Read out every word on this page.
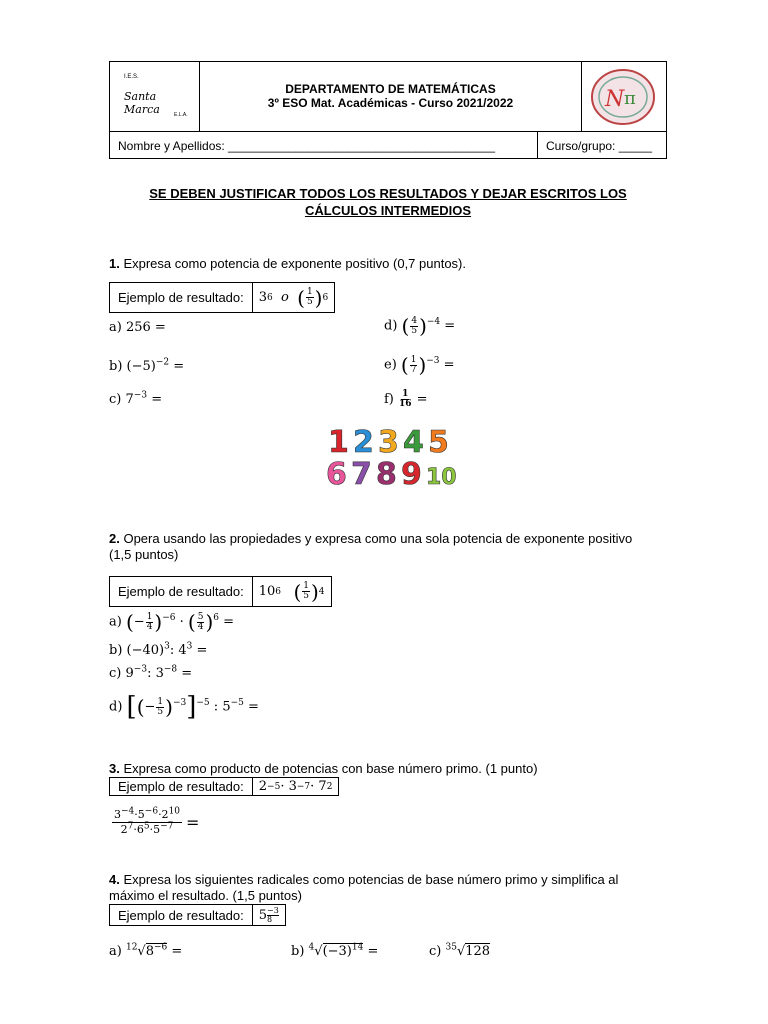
I.E.S.
Santa Marca	E.L.A.
DEPARTAMENTO DE MATEMÁTICAS
3º ESO Mat. Académicas - Curso 2021/2022	N π
Nombre y Apellidos: ________________________________________	Curso/grupo: _____
SE DEBEN JUSTIFICAR TODOS LOS RESULTADOS Y DEJAR ESCRITOS LOS
CÁLCULOS INTERMEDIOS
1. Expresa como potencia de exponente positivo (0,7 puntos).
Ejemplo de resultado:	3 6
o
( $\frac{1}{5}$ ) 6
a) 256 =
b) $(-5)^{-2}$ =
c) $7^{-3}$ =
d) ( $\frac{4}{5} )^{-4}$ =
e) ( $\frac{1}{7} )^{-3}$ =
$f) \frac{1}{16}$ =
1 2 3 4 5
6 7 8 9 10
2. Opera usando las propiedades y expresa como una sola potencia de exponente positivo
(1,5 puntos)
Ejemplo de resultado:	10 6
( $\frac{1}{5}$ ) 4
a) (− $\frac{1}{4} )^{-6}$ · ( $\frac{5}{4} )^6$ =
b) $(-40)^3$: $4^3$ =
c) $9^{-3}$: $3^{-8}$ =
d) [(− $\frac{1}{5} )^{-3}]^{-5}$ : $5^{-5}$ =
3. Expresa como producto de potencias con base número primo. (1 punto)
Ejemplo de resultado:	2 −5 · 3 −7 · 7 2
$\frac{3^{-4}\cdot 5^{-6}\cdot 2^{10}}{2^7\cdot 6^5\cdot 5^{-7}}$ =
4. Expresa los siguientes radicales como potencias de base número primo y simplifica al
máximo el resultado. (1,5 puntos)
Ejemplo de resultado:	5 −3
8
a) $^{12}√8^{-6}$ =	b) $^4√(-3)^{14}$ =	c) $^{35}$√128
